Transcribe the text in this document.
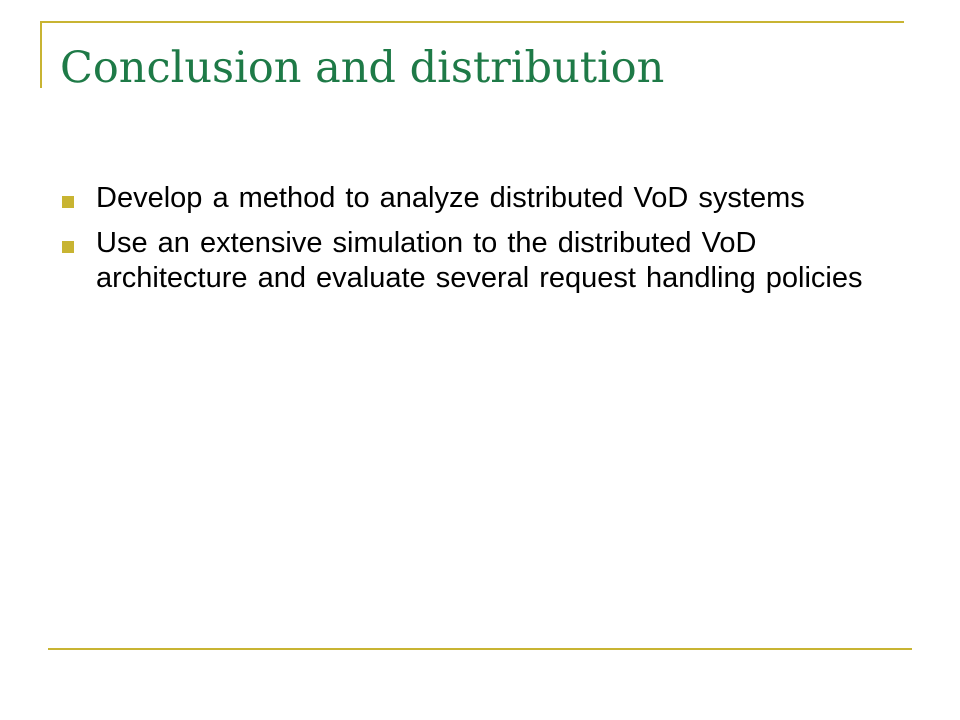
Conclusion and distribution
Develop a method to analyze distributed VoD systems
Use an extensive simulation to the distributed VoD architecture and evaluate several request handling policies
